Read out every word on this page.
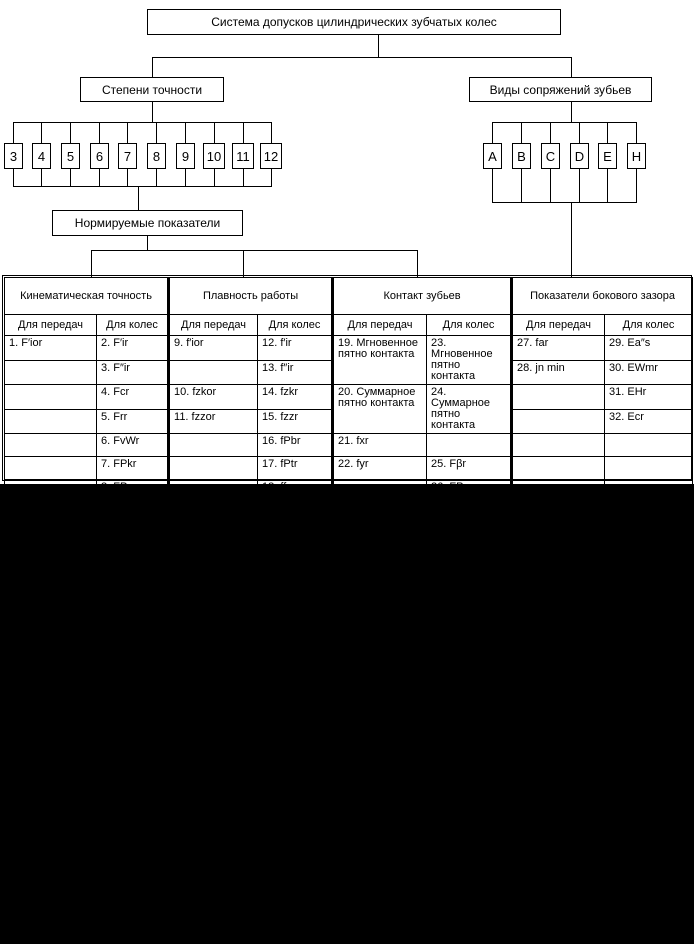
Система допусков цилиндрических зубчатых колес
Степени точности	Виды сопряжений зубьев
3 4 5 6 7 8 9 10 11 12	A B C D E H
Нормируемые показатели
Кинематическая точность		Плавность работы		Контакт зубьев		Показатели бокового зазора	
Для передач	Для колес	Для передач	Для колес	Для передач	Для колес	Для передач	Для колес
1. F′ior	2. F′ir	9. f′ior	12. f′ir	19. Мгновенное пятно контакта	23. Мгновенное пятно контакта	27. far	29. Ea″s
	3. F″ir		13. f″ir			28. jn min	30. EWmr
	4. Fcr	10. fzkor	14. fzkr	20. Суммарное пятно контакта	24. Суммарное пятно контакта		31. EHr
	5. Frr	11. fzzor	15. fzzr				32. Ecr
	6. FvWr		16. fPbr	21. fxr			
	7. FPkr		17. fPtr	22. fyr	25. Fβr		
	8. FPr		18. ffr		26. FPxnr		
